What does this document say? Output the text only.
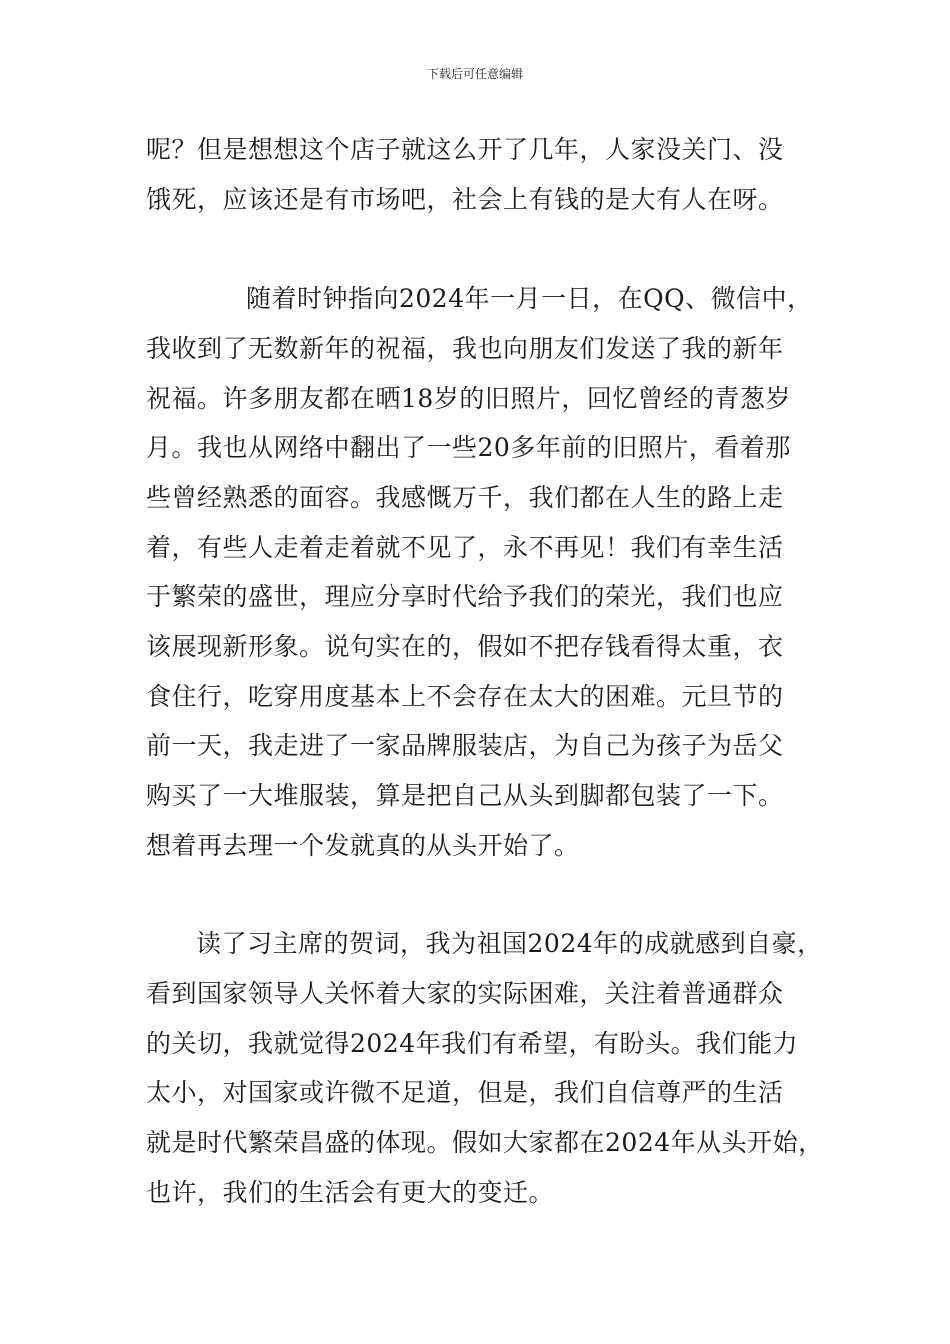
下载后可任意编辑
呢？但是想想这个店子就这么开了几年，人家没关门、没
饿死，应该还是有市场吧，社会上有钱的是大有人在呀。
随着时钟指向2024年一月一日，在QQ、微信中，
我收到了无数新年的祝福，我也向朋友们发送了我的新年
祝福。许多朋友都在晒18岁的旧照片，回忆曾经的青葱岁
月。我也从网络中翻出了一些20多年前的旧照片，看着那
些曾经熟悉的面容。我感慨万千，我们都在人生的路上走
着，有些人走着走着就不见了，永不再见！我们有幸生活
于繁荣的盛世，理应分享时代给予我们的荣光，我们也应
该展现新形象。说句实在的，假如不把存钱看得太重，衣
食住行，吃穿用度基本上不会存在太大的困难。元旦节的
前一天，我走进了一家品牌服装店，为自己为孩子为岳父
购买了一大堆服装，算是把自己从头到脚都包装了一下。
想着再去理一个发就真的从头开始了。
读了习主席的贺词，我为祖国2024年的成就感到自豪，
看到国家领导人关怀着大家的实际困难，关注着普通群众
的关切，我就觉得2024年我们有希望，有盼头。我们能力
太小，对国家或许微不足道，但是，我们自信尊严的生活
就是时代繁荣昌盛的体现。假如大家都在2024年从头开始，
也许，我们的生活会有更大的变迁。
